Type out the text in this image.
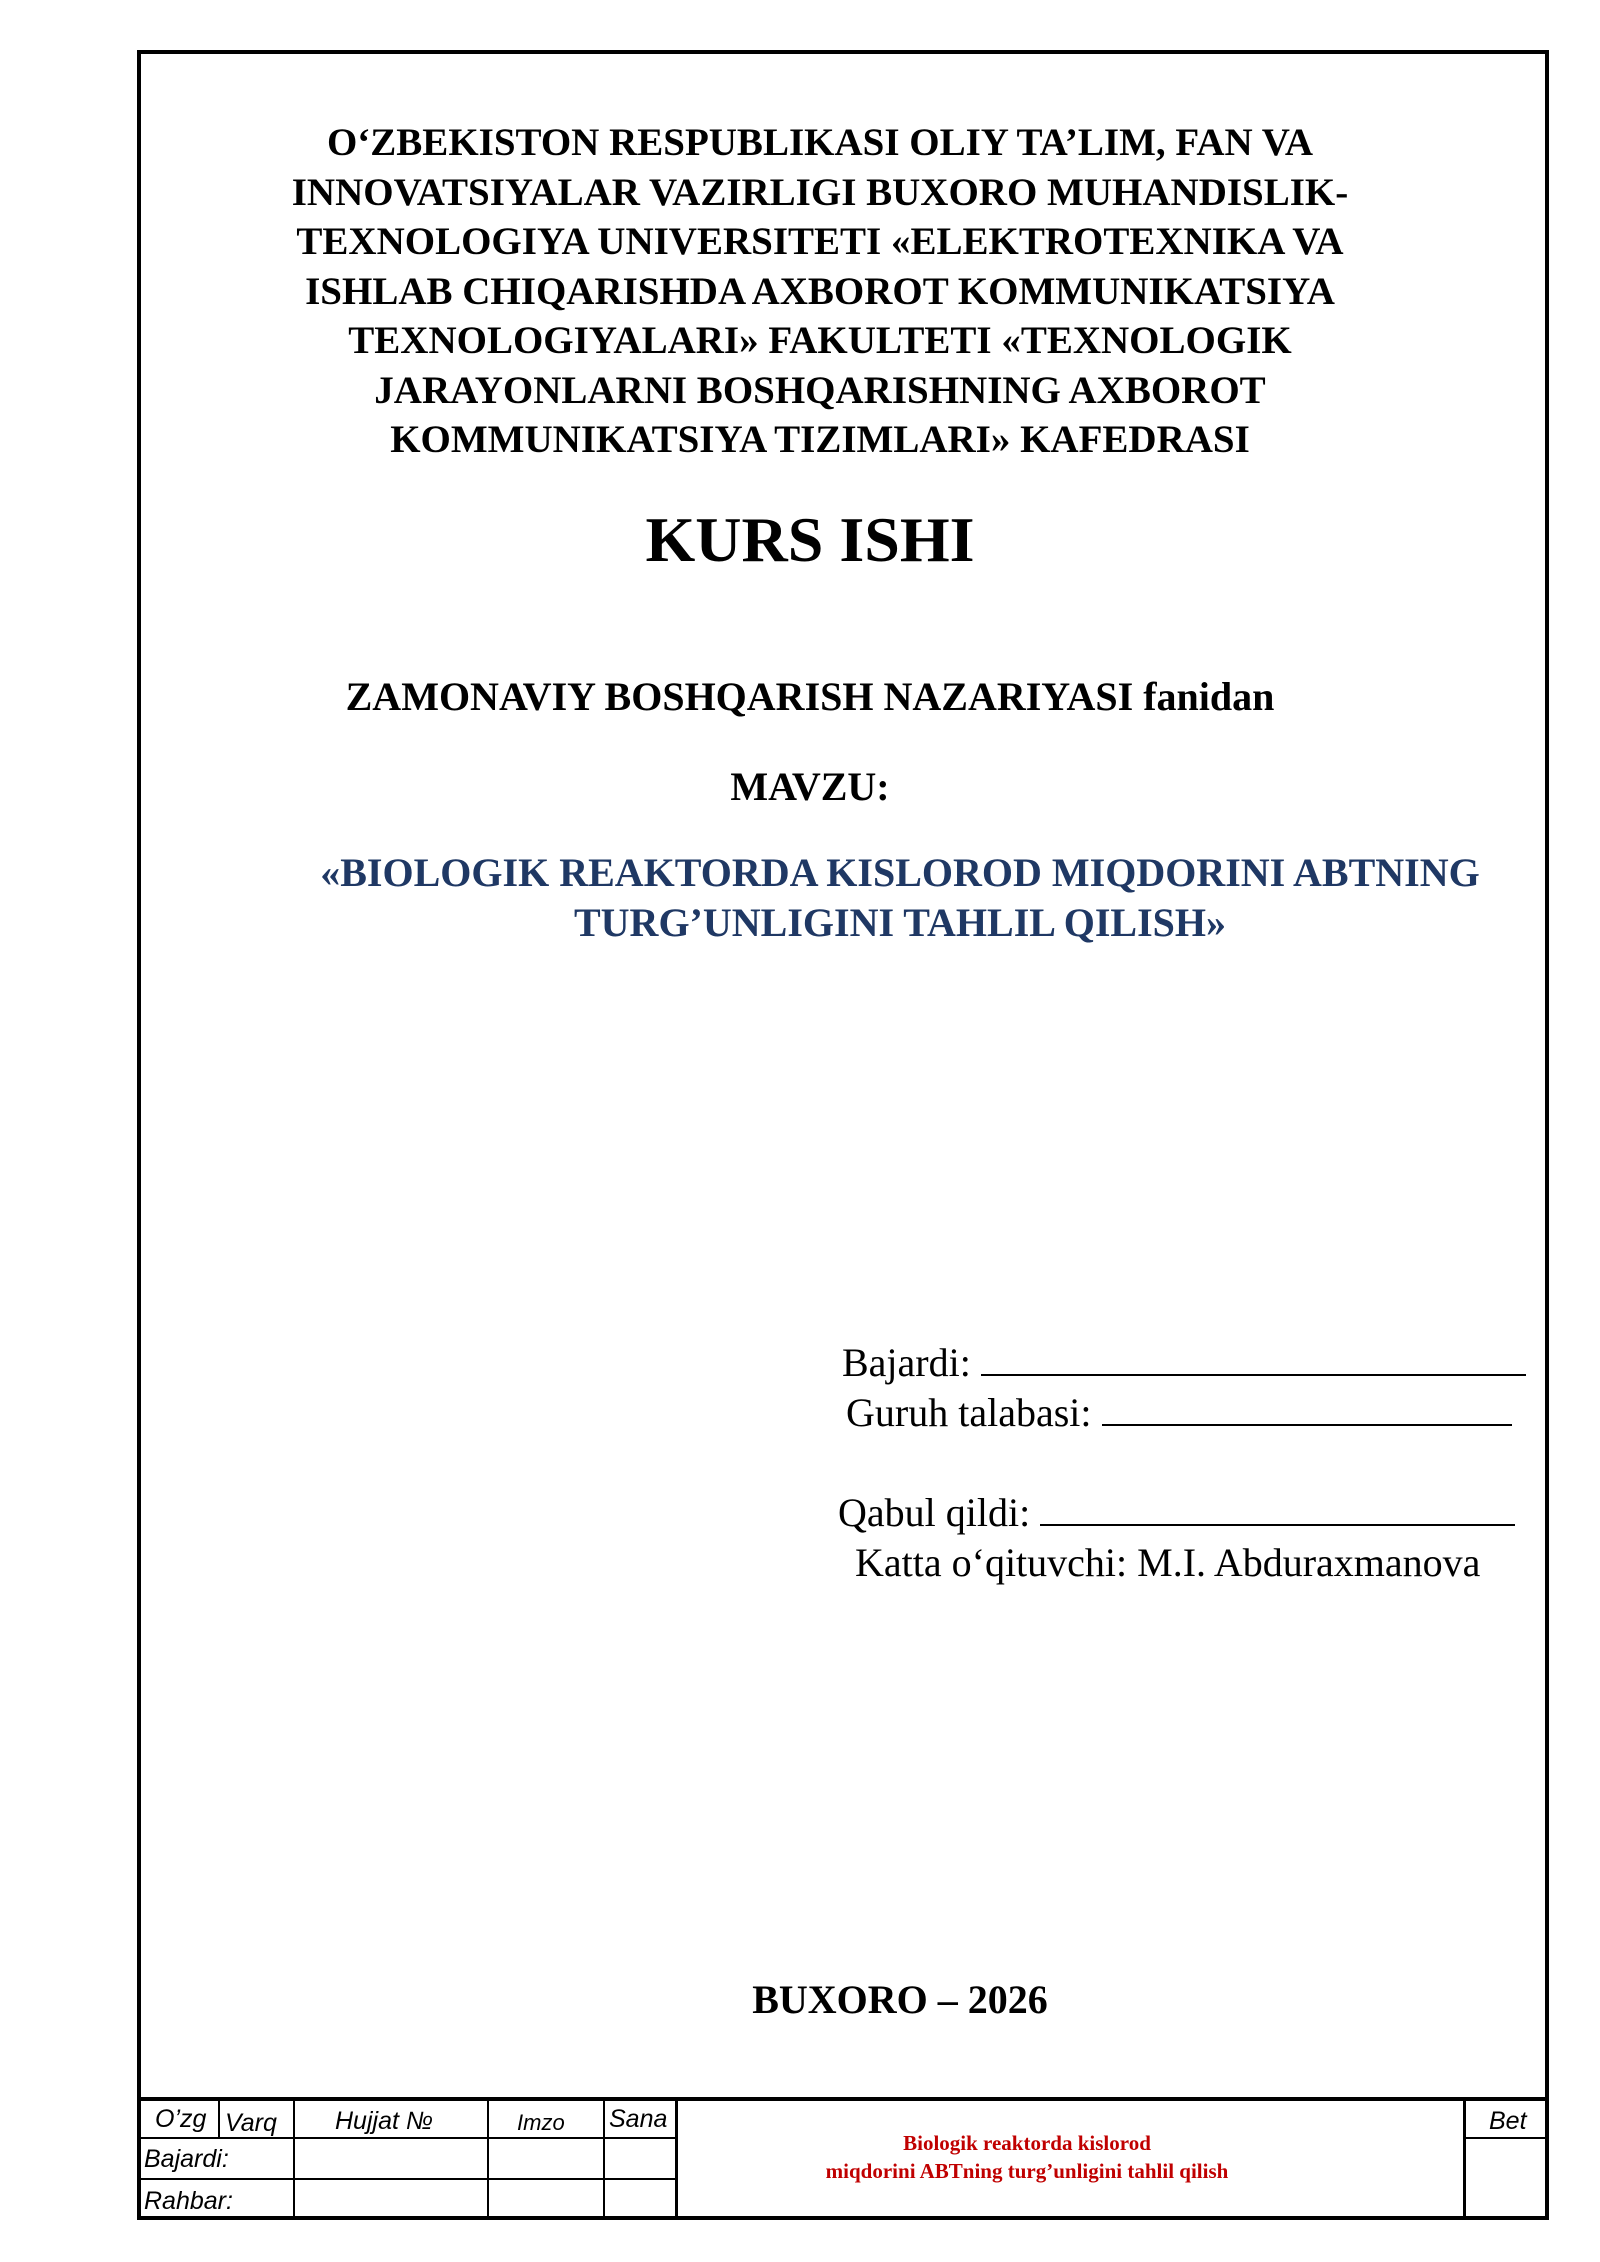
O‘ZBEKISTON RESPUBLIKASI OLIY TA’LIM, FAN VA
INNOVATSIYALAR VAZIRLIGI BUXORO MUHANDISLIK-
TEXNOLOGIYA UNIVERSITETI «ELEKTROTEXNIKA VA
ISHLAB CHIQARISHDA AXBOROT KOMMUNIKATSIYA
TEXNOLOGIYALARI» FAKULTETI «TEXNOLOGIK
JARAYONLARNI BOSHQARISHNING AXBOROT
KOMMUNIKATSIYA TIZIMLARI» KAFEDRASI
KURS ISHI
ZAMONAVIY BOSHQARISH NAZARIYASI fanidan
MAVZU:
«BIOLOGIK REAKTORDA KISLOROD MIQDORINI ABTNING
TURG’UNLIGINI TAHLIL QILISH»
Bajardi:
Guruh talabasi:
Qabul qildi:
Katta o‘qituvchi: M.I. Abduraxmanova
BUXORO – 2026
O’zg Varq Hujjat №	Imzo Sana
Bajardi:
Rahbar:
Bet
Biologik reaktorda kislorod
miqdorini ABTning turg’unligini tahlil qilish
